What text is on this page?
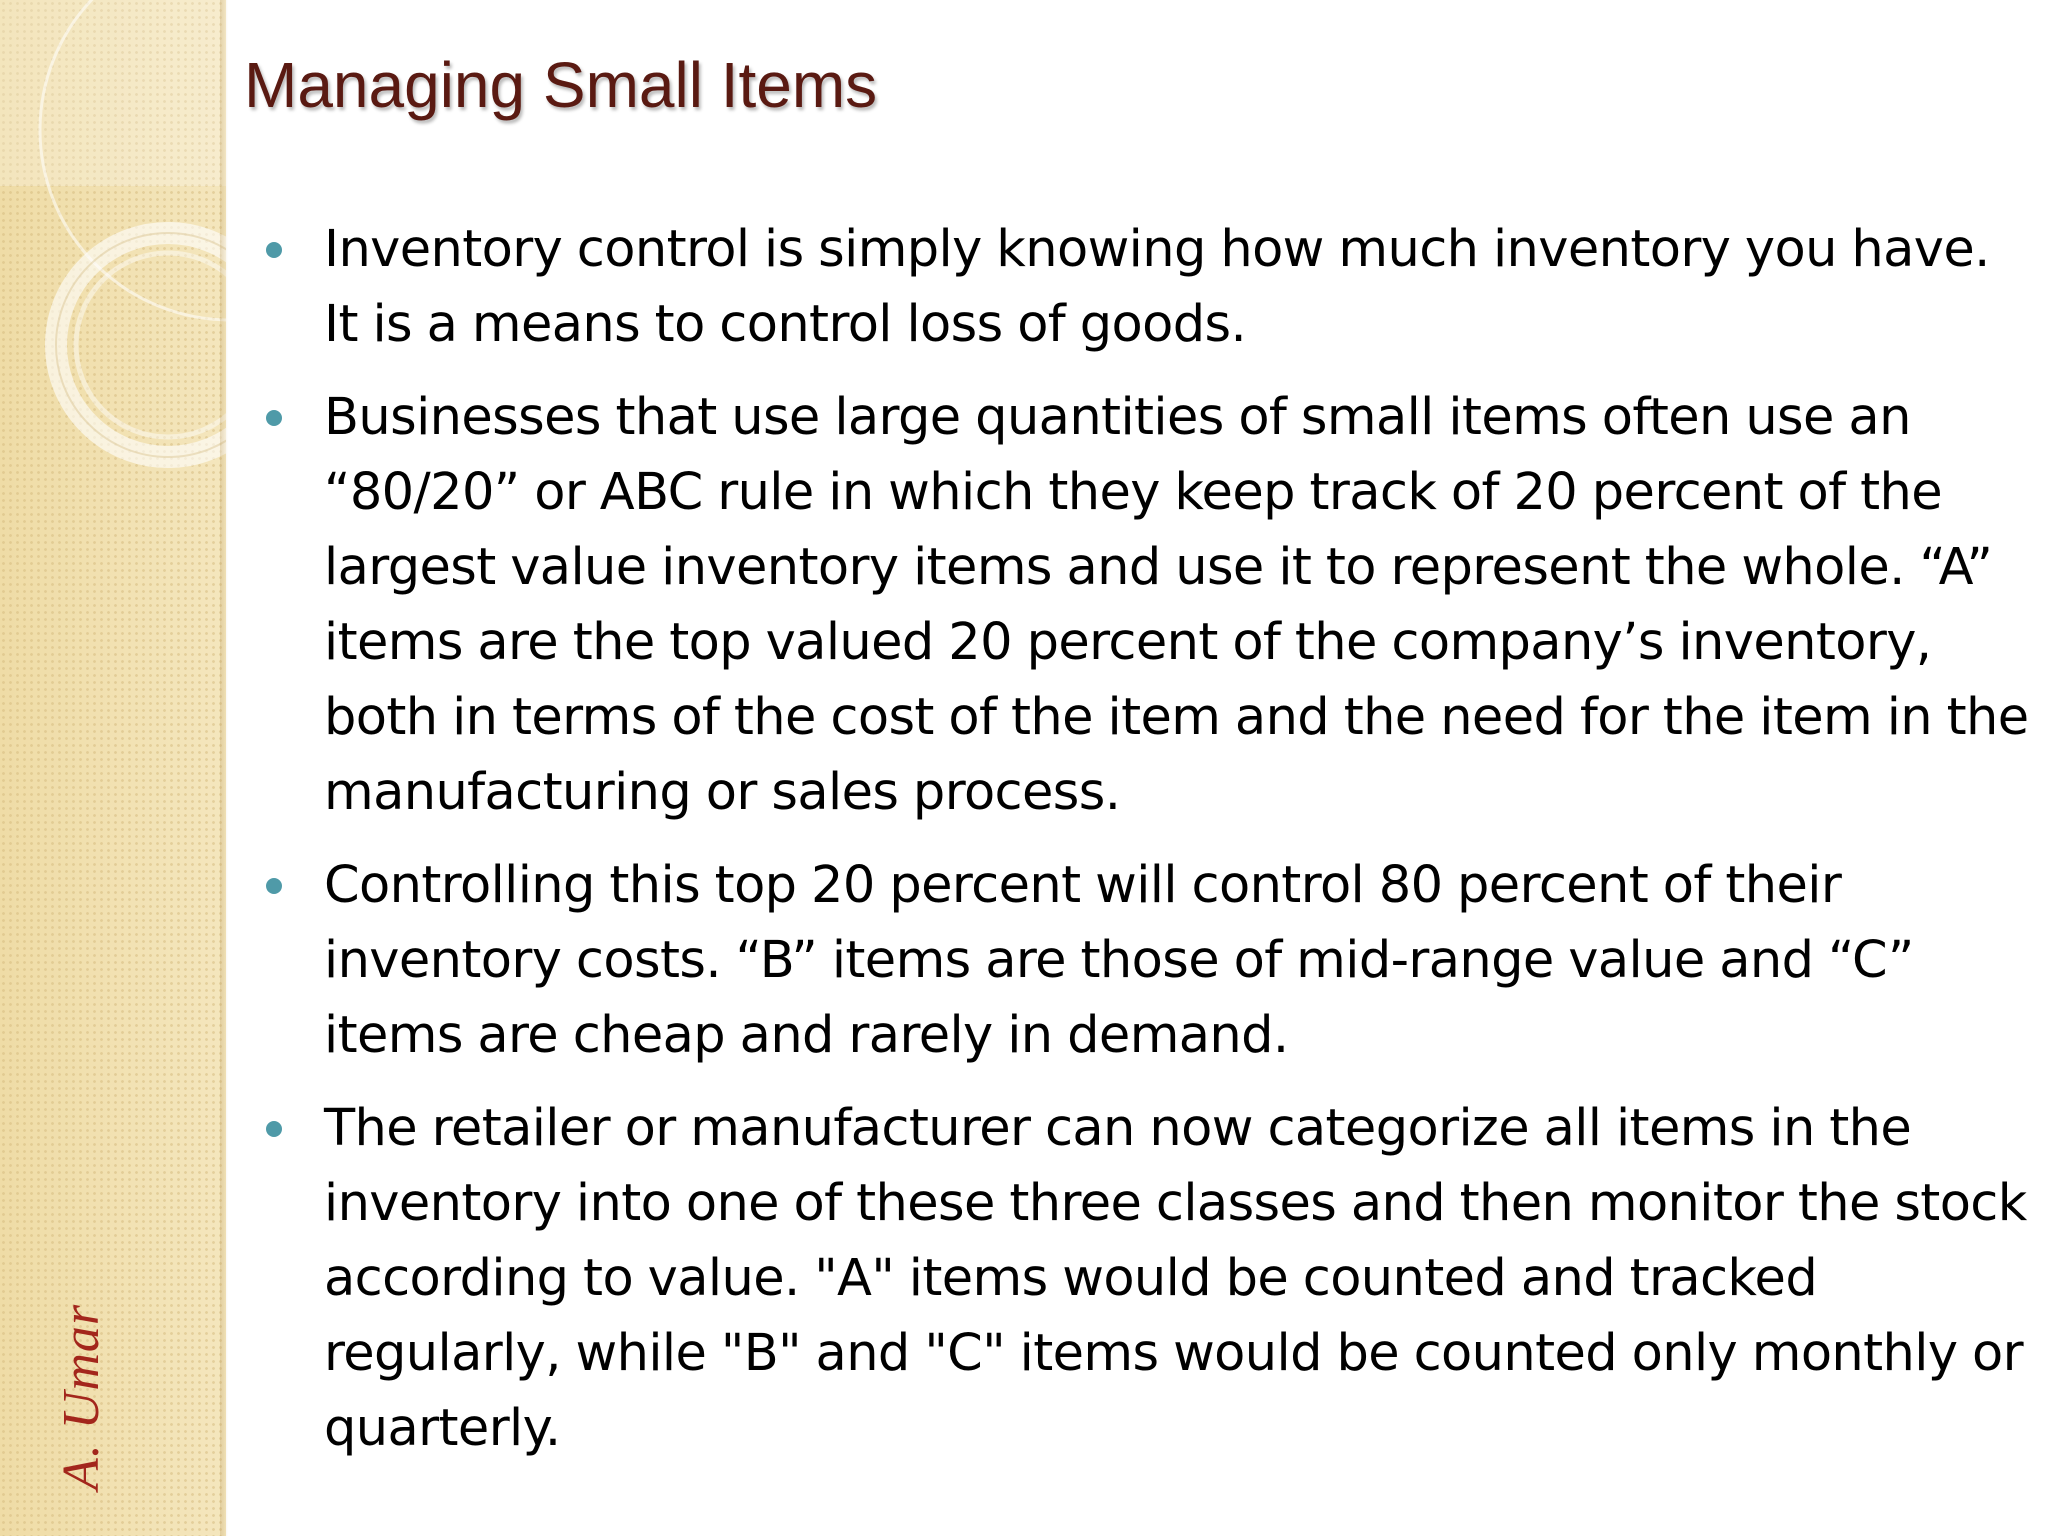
A. Umar
Managing Small Items
Inventory control is simply knowing how much inventory you have. It is a means to control loss of goods.
Businesses that use large quantities of small items often use an “80/20” or ABC rule in which they keep track of 20 percent of the largest value inventory items and use it to represent the whole. “A” items are the top valued 20 percent of the company’s inventory, both in terms of the cost of the item and the need for the item in the manufacturing or sales process.
Controlling this top 20 percent will control 80 percent of their inventory costs. “B” items are those of mid-range value and “C” items are cheap and rarely in demand.
The retailer or manufacturer can now categorize all items in the inventory into one of these three classes and then monitor the stock according to value. "A" items would be counted and tracked regularly, while "B" and "C" items would be counted only monthly or quarterly.
